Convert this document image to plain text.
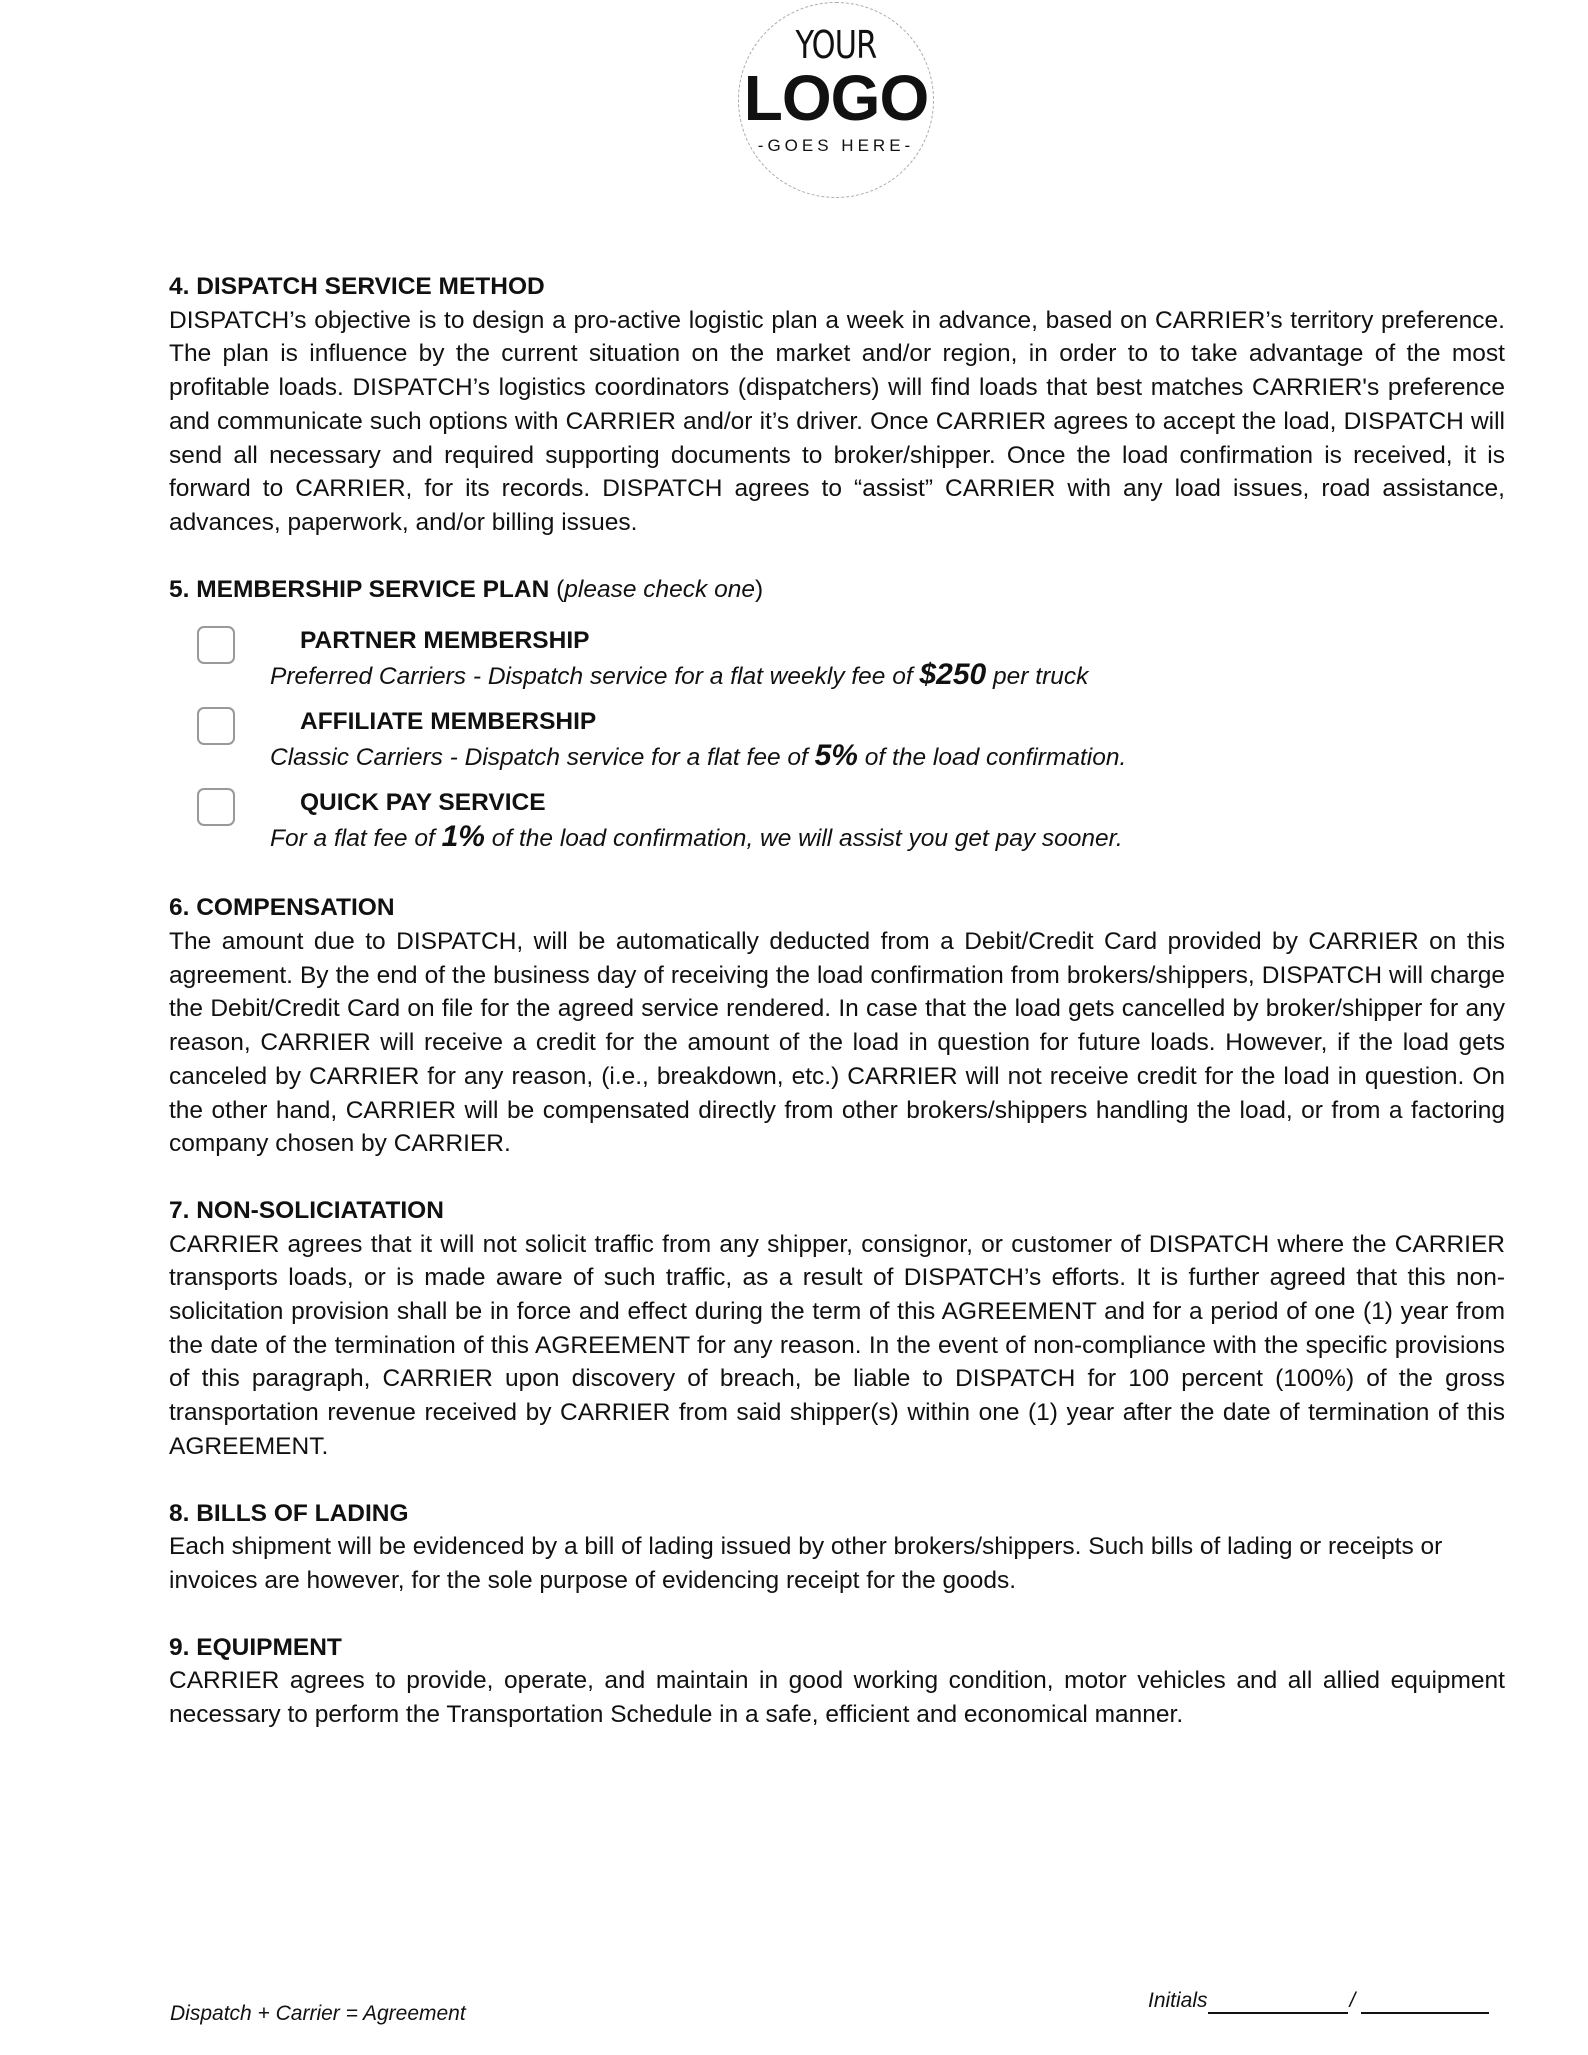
YOUR
LOGO
-GOES HERE-
4. DISPATCH SERVICE METHOD
DISPATCH’s objective is to design a pro-active logistic plan a week in advance, based on CARRIER’s territory preference. The plan is influence by the current situation on the market and/or region, in order to to take advantage of the most profitable loads. DISPATCH’s logistics coordinators (dispatchers) will find loads that best matches CARRIER's preference and communicate such options with CARRIER and/or it’s driver. Once CARRIER agrees to accept the load, DISPATCH will send all necessary and required supporting documents to broker/shipper. Once the load confirmation is received, it is forward to CARRIER, for its records. DISPATCH agrees to “assist” CARRIER with any load issues, road assistance, advances, paperwork, and/or billing issues.
5. MEMBERSHIP SERVICE PLAN (please check one)
PARTNER MEMBERSHIP
Preferred Carriers - Dispatch service for a flat weekly fee of $250 per truck
AFFILIATE MEMBERSHIP
Classic Carriers - Dispatch service for a flat fee of 5% of the load confirmation.
QUICK PAY SERVICE
For a flat fee of 1% of the load confirmation, we will assist you get pay sooner.
6. COMPENSATION
The amount due to DISPATCH, will be automatically deducted from a Debit/Credit Card provided by CARRIER on this agreement. By the end of the business day of receiving the load confirmation from brokers/shippers, DISPATCH will charge the Debit/Credit Card on file for the agreed service rendered. In case that the load gets cancelled by broker/shipper for any reason, CARRIER will receive a credit for the amount of the load in question for future loads. However, if the load gets canceled by CARRIER for any reason, (i.e., breakdown, etc.) CARRIER will not receive credit for the load in question. On the other hand, CARRIER will be compensated directly from other brokers/shippers handling the load, or from a factoring company chosen by CARRIER.
7. NON-SOLICIATATION
CARRIER agrees that it will not solicit traffic from any shipper, consignor, or customer of DISPATCH where the CARRIER transports loads, or is made aware of such traffic, as a result of DISPATCH’s efforts. It is further agreed that this non-solicitation provision shall be in force and effect during the term of this AGREEMENT and for a period of one (1) year from the date of the termination of this AGREEMENT for any reason. In the event of non-compliance with the specific provisions of this paragraph, CARRIER upon discovery of breach, be liable to DISPATCH for 100 percent (100%) of the gross transportation revenue received by CARRIER from said shipper(s) within one (1) year after the date of termination of this AGREEMENT.
8. BILLS OF LADING
Each shipment will be evidenced by a bill of lading issued by other brokers/shippers. Such bills of lading or receipts or invoices are however, for the sole purpose of evidencing receipt for the goods.
9. EQUIPMENT
CARRIER agrees to provide, operate, and maintain in good working condition, motor vehicles and all allied equipment necessary to perform the Transportation Schedule in a safe, efficient and economical manner.
Dispatch + Carrier = Agreement
Initials	/
